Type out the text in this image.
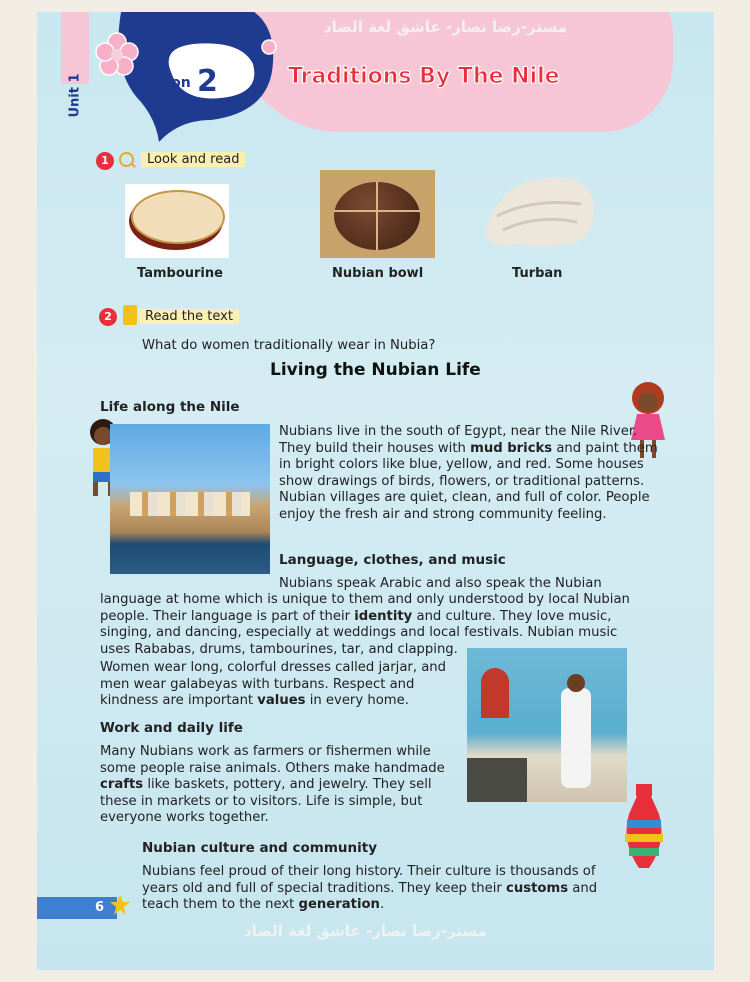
Unit 1	Lesson 2
مستر-رضا نصار- عاشق لغة الضاد
Traditions By The Nile
1	Look and read
Tambourine	Nubian bowl	Turban
2	Read the text
What do women traditionally wear in Nubia?
Living the Nubian Life
Life along the Nile
Nubians live in the south of Egypt, near the Nile River. They build their houses with mud bricks and paint them in bright colors like blue, yellow, and red. Some houses show drawings of birds, flowers, or traditional patterns. Nubian villages are quiet, clean, and full of color. People enjoy the fresh air and strong community feeling.
Language, clothes, and music
Nubians speak Arabic and also speak the Nubian
language at home which is unique to them and only understood by local Nubian people. Their language is part of their identity and culture. They love music, singing, and dancing, especially at weddings and local festivals. Nubian music uses Rababas, drums, tambourines, tar, and clapping.
Women wear long, colorful dresses called jarjar, and men wear galabeyas with turbans. Respect and kindness are important values in every home.
Work and daily life
Many Nubians work as farmers or fishermen while some people raise animals. Others make handmade crafts like baskets, pottery, and jewelry. They sell these in markets or to visitors. Life is simple, but everyone works together.
Nubian culture and community
Nubians feel proud of their long history. Their culture is thousands of years old and full of special traditions. They keep their customs and teach them to the next generation.
6
مستر-رضا نصار- عاشق لغة الضاد
